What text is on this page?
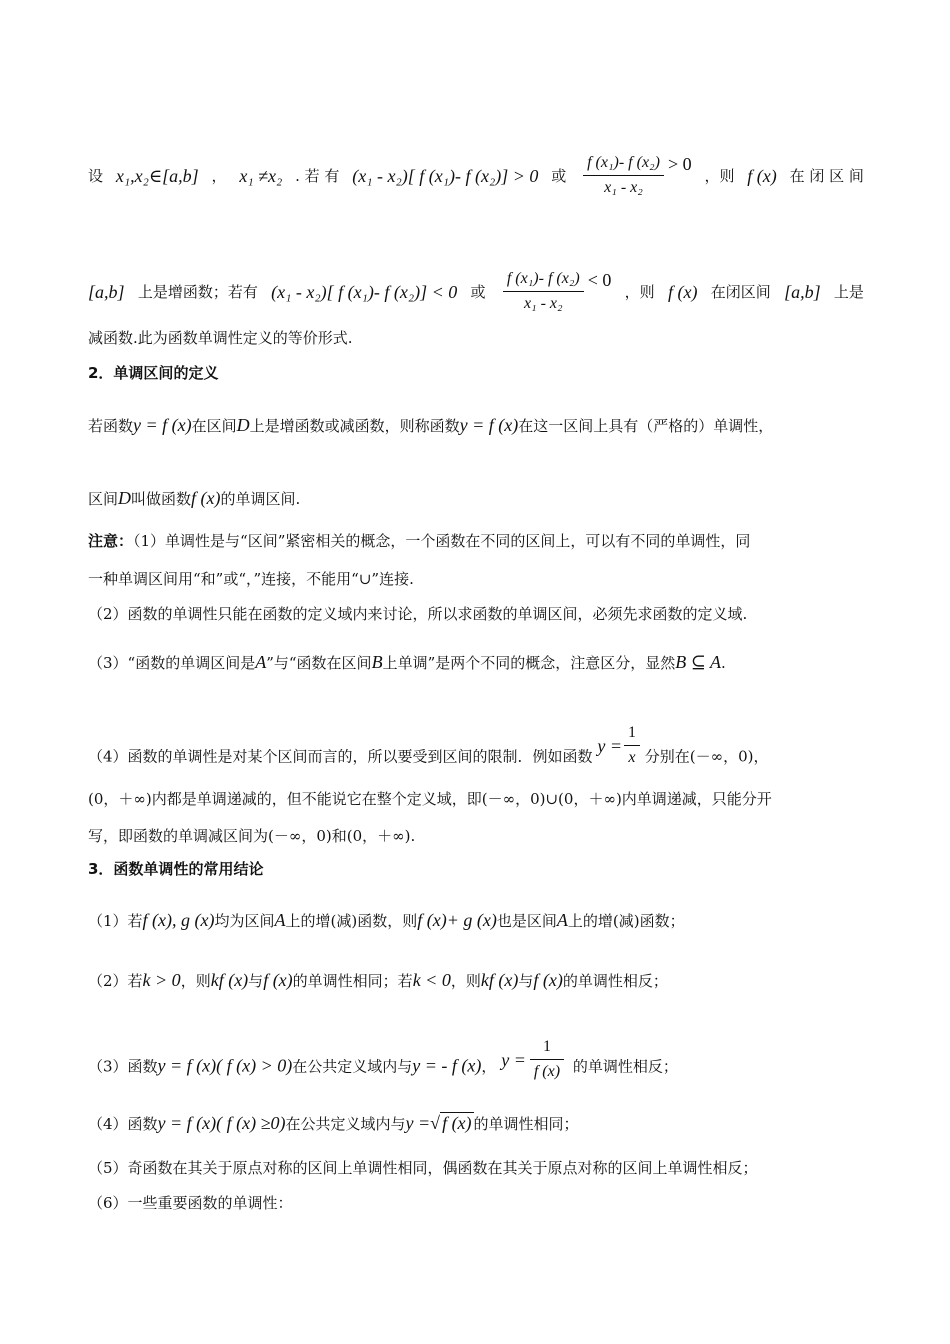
设 x₁,x₂∈[a,b] ， x₁ ≠x₂ . 若 有 (x₁ - x₂)[ f (x₁)- f (x₂)] > 0 或 $\frac{\text{f (x₁)- f (x₂)}}{\text{x₁ - x₂}} > 0$
，则 f (x) 在 闭 区 间
[a,b] 上是增函数；若有 (x₁ - x₂)[ f (x₁)- f (x₂)] < 0 或 $\frac{\text{f (x₁)- f (x₂)}}{\text{x₁ - x₂}} < 0$
，则 f (x) 在闭区间 [a,b] 上是
减函数.此为函数单调性定义的等价形式.
2．单调区间的定义
若函数y = f (x)在区间D上是增函数或减函数，则称函数y = f (x)在这一区间上具有（严格的）单调性，
区间D叫做函数f (x)的单调区间.
注意：（1）单调性是与“区间”紧密相关的概念，一个函数在不同的区间上，可以有不同的单调性，同
一种单调区间用“和”或“，”连接，不能用“∪”连接.
（2）函数的单调性只能在函数的定义域内来讨论，所以求函数的单调区间，必须先求函数的定义域.
（3）“函数的单调区间是A”与“函数在区间B上单调”是两个不同的概念，注意区分，显然B ⊆ A.
（4）函数的单调性是对某个区间而言的，所以要受到区间的限制．例如函数
$y = \frac{1}{x}$ 分别在(－∞，0)，
(0，＋∞)内都是单调递减的，但不能说它在整个定义域，即(－∞，0)∪(0，＋∞)内单调递减，只能分开
写，即函数的单调减区间为(－∞，0)和(0，＋∞).
3．函数单调性的常用结论
（1）若f (x), g (x)均为区间A上的增(减)函数，则f (x)+ g (x)也是区间A上的增(减)函数；
（2）若k > 0，则kf (x)与f (x)的单调性相同；若k < 0，则kf (x)与f (x)的单调性相反；
（3）函数y = f (x)( f (x) > 0)在公共定义域内与y = - f (x)， $y = \frac{1}{f (x)}$ 的单调性相反；
（4）函数y = f (x)( f (x) ≥0)在公共定义域内与y =√ f (x) 的单调性相同；
（5）奇函数在其关于原点对称的区间上单调性相同，偶函数在其关于原点对称的区间上单调性相反；
（6）一些重要函数的单调性：
